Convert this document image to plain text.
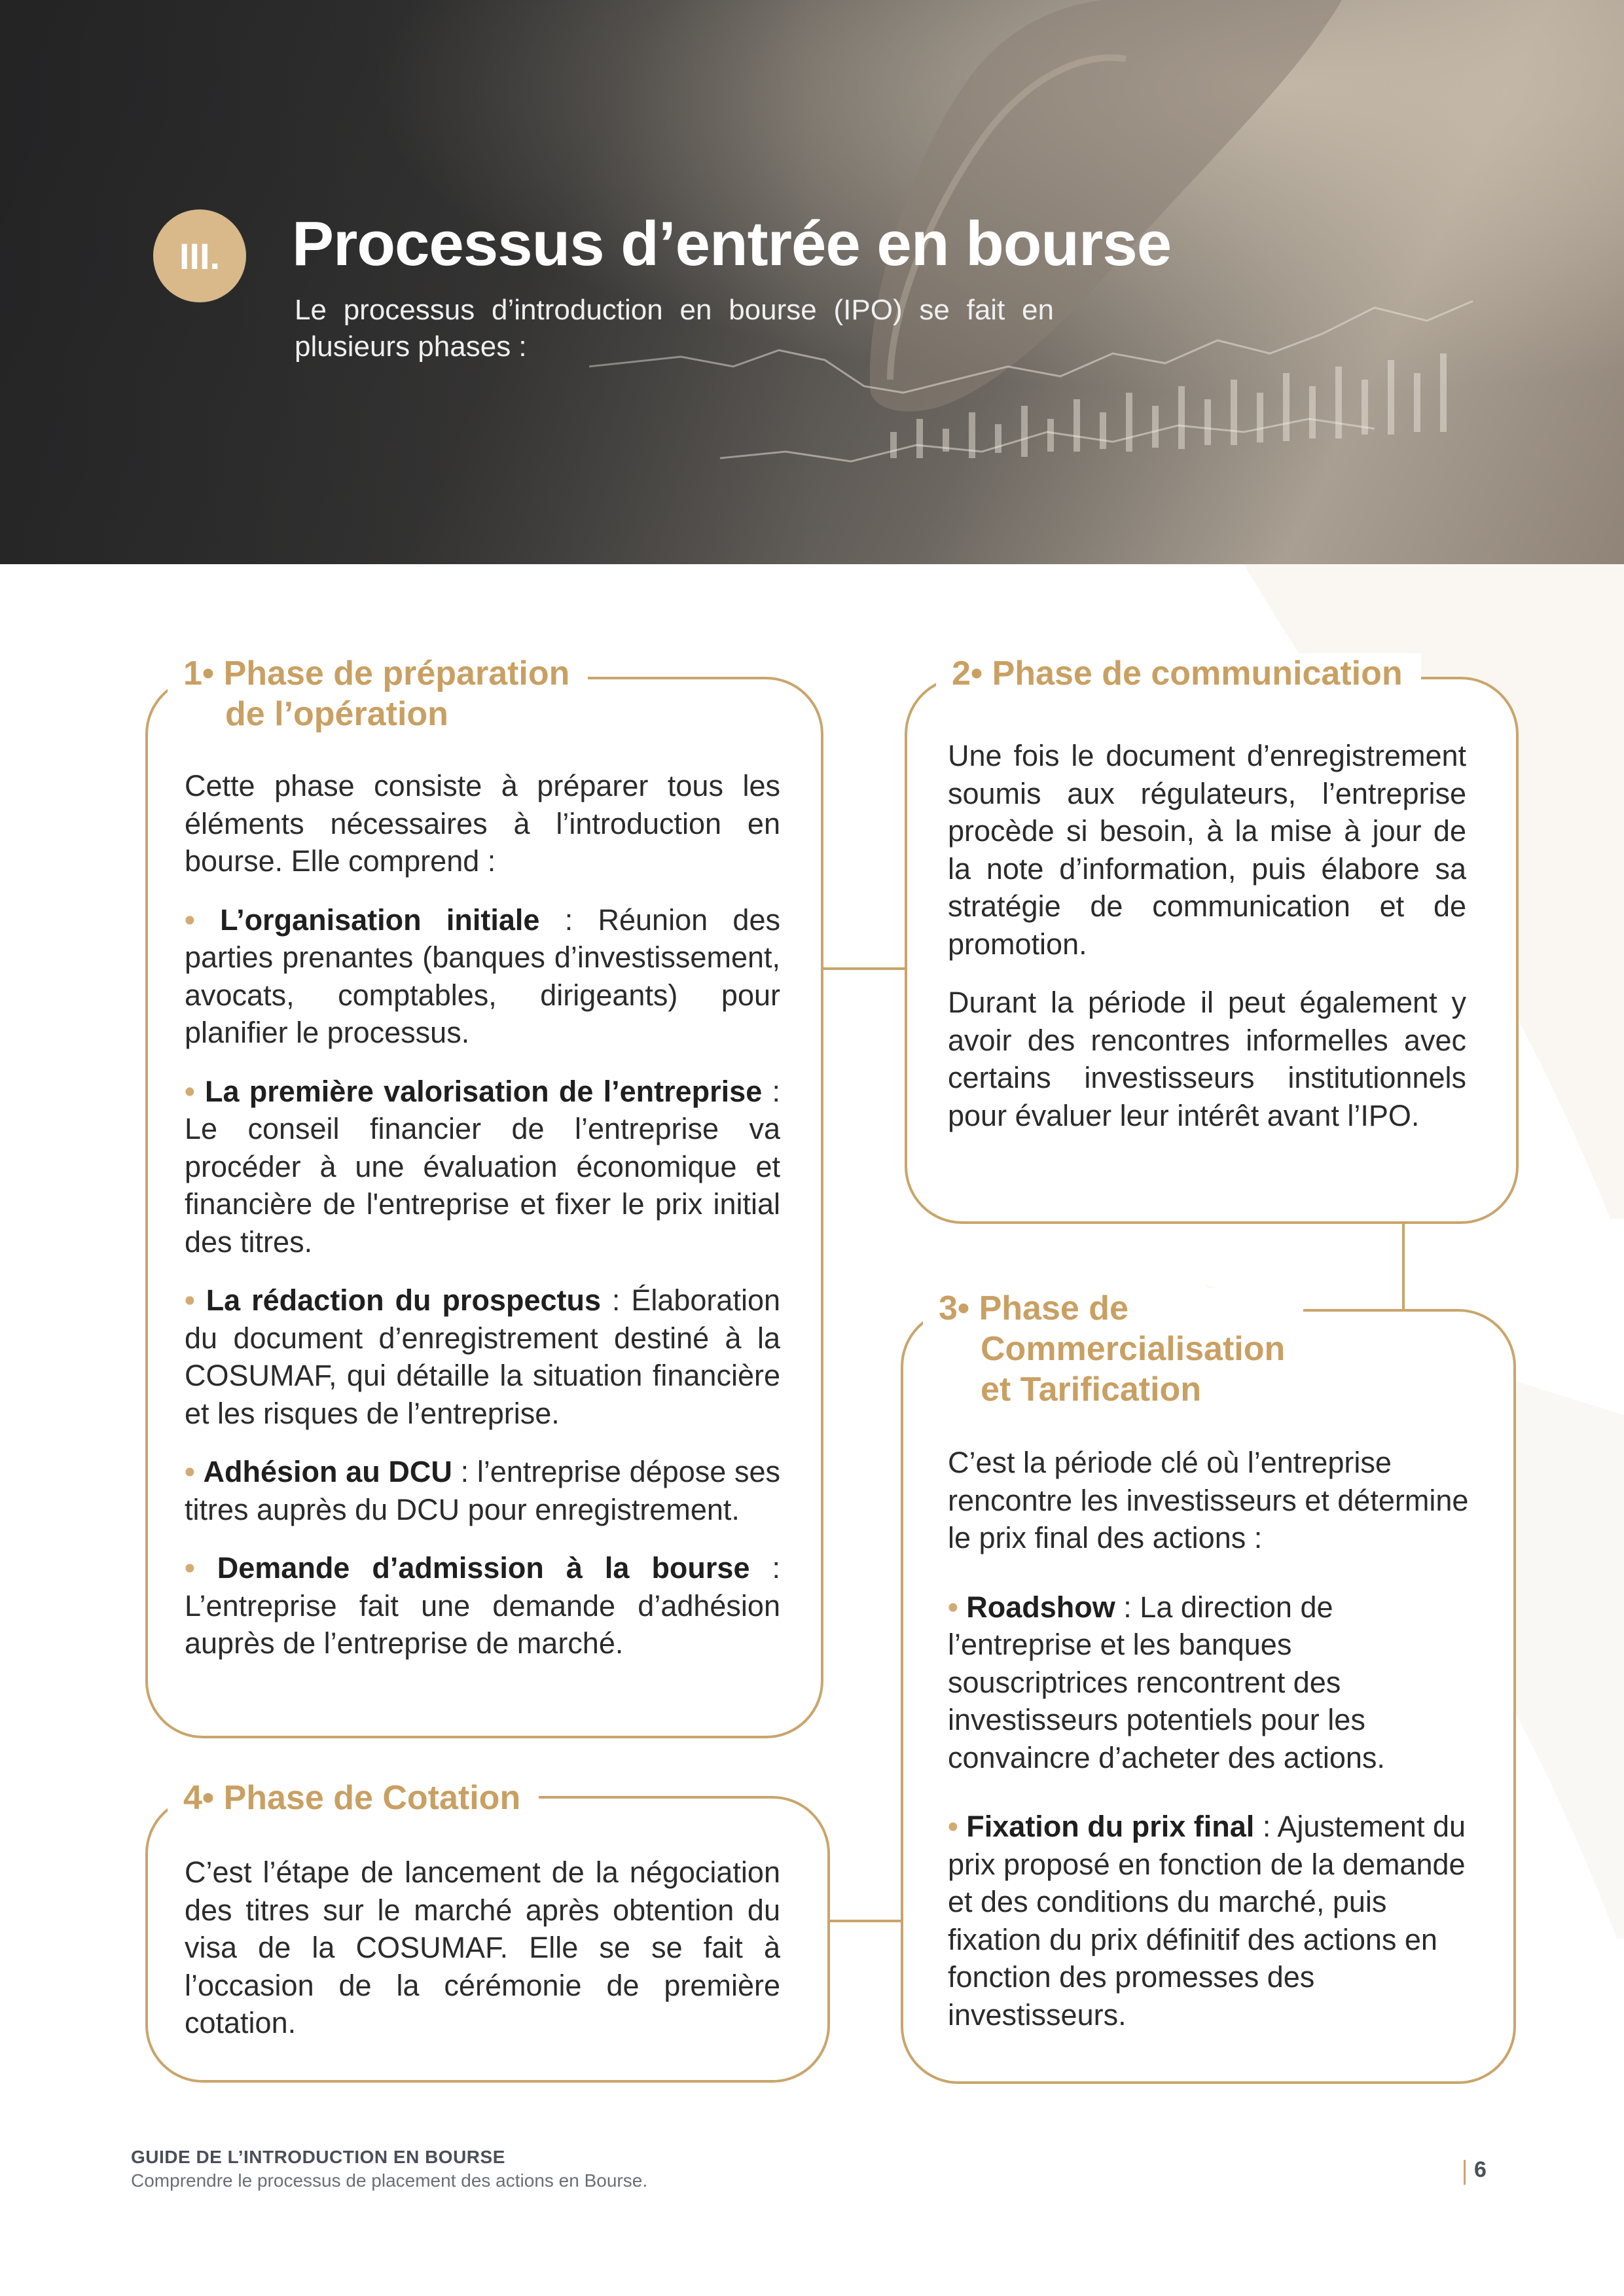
III.	Processus d’entrée en bourse

Le processus d’introduction en bourse (IPO) se fait en plusieurs phases :

1• Phase de préparation
de l’opération

Cette phase consiste à préparer tous les éléments nécessaires à l’introduction en bourse. Elle comprend :

• L’organisation initiale : Réunion des parties prenantes (banques d’investissement, avocats, comptables, dirigeants) pour planifier le processus.

• La première valorisation de l’entreprise : Le conseil financier de l’entreprise va procéder à une évaluation économique et financière de l'entreprise et fixer le prix initial des titres.

• La rédaction du prospectus : Élaboration du document d’enregistrement destiné à la COSUMAF, qui détaille la situation financière et les risques de l’entreprise.

• Adhésion au DCU : l’entreprise dépose ses titres auprès du DCU pour enregistrement.

• Demande d’admission à la bourse : L’entreprise fait une demande d’adhésion auprès de l’entreprise de marché.

2• Phase de communication

Une fois le document d’enregistrement soumis aux régulateurs, l’entreprise procède si besoin, à la mise à jour de la note d’information, puis élabore sa stratégie de communication et de promotion.

Durant la période il peut également y avoir des rencontres informelles avec certains investisseurs institutionnels pour évaluer leur intérêt avant l’IPO.

3• Phase de
Commercialisation
et Tarification

C’est la période clé où l’entreprise rencontre les investisseurs et détermine le prix final des actions :

• Roadshow : La direction de l’entreprise et les banques souscriptrices rencontrent des investisseurs potentiels pour les convaincre d’acheter des actions.

• Fixation du prix final : Ajustement du prix proposé en fonction de la demande et des conditions du marché, puis fixation du prix définitif des actions en fonction des promesses des investisseurs.

4• Phase de Cotation

C’est l’étape de lancement de la négociation des titres sur le marché après obtention du visa de la COSUMAF. Elle se se fait à l’occasion de la cérémonie de première cotation.

GUIDE DE L’INTRODUCTION EN BOURSE
Comprendre le processus de placement des actions en Bourse.	6
